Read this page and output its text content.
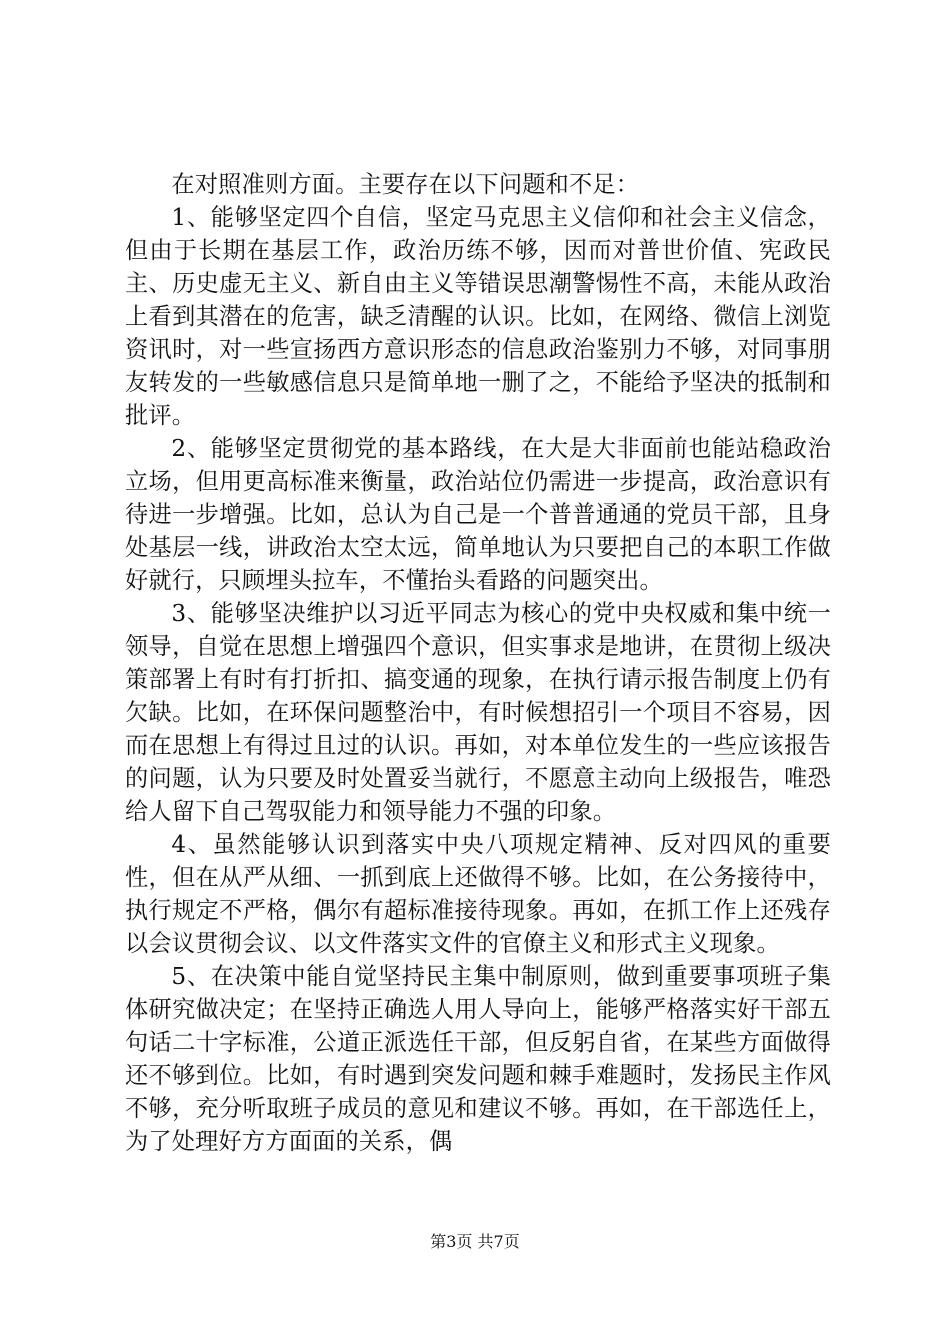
在对照准则方面。主要存在以下问题和不足：

1、能够坚定四个自信，坚定马克思主义信仰和社会主义信念，但由于长期在基层工作，政治历练不够，因而对普世价值、宪政民主、历史虚无主义、新自由主义等错误思潮警惕性不高，未能从政治上看到其潜在的危害，缺乏清醒的认识。比如，在网络、微信上浏览资讯时，对一些宣扬西方意识形态的信息政治鉴别力不够，对同事朋友转发的一些敏感信息只是简单地一删了之，不能给予坚决的抵制和批评。

2、能够坚定贯彻党的基本路线，在大是大非面前也能站稳政治立场，但用更高标准来衡量，政治站位仍需进一步提高，政治意识有待进一步增强。比如，总认为自己是一个普普通通的党员干部，且身处基层一线，讲政治太空太远，简单地认为只要把自己的本职工作做好就行，只顾埋头拉车，不懂抬头看路的问题突出。

3、能够坚决维护以习近平同志为核心的党中央权威和集中统一领导，自觉在思想上增强四个意识，但实事求是地讲，在贯彻上级决策部署上有时有打折扣、搞变通的现象，在执行请示报告制度上仍有欠缺。比如，在环保问题整治中，有时候想招引一个项目不容易，因而在思想上有得过且过的认识。再如，对本单位发生的一些应该报告的问题，认为只要及时处置妥当就行，不愿意主动向上级报告，唯恐给人留下自己驾驭能力和领导能力不强的印象。

4、虽然能够认识到落实中央八项规定精神、反对四风的重要性，但在从严从细、一抓到底上还做得不够。比如，在公务接待中，执行规定不严格，偶尔有超标准接待现象。再如，在抓工作上还残存以会议贯彻会议、以文件落实文件的官僚主义和形式主义现象。

5、在决策中能自觉坚持民主集中制原则，做到重要事项班子集体研究做决定；在坚持正确选人用人导向上，能够严格落实好干部五句话二十字标准，公道正派选任干部，但反躬自省，在某些方面做得还不够到位。比如，有时遇到突发问题和棘手难题时，发扬民主作风不够，充分听取班子成员的意见和建议不够。再如，在干部选任上，为了处理好方方面面的关系，偶

第3页 共7页
